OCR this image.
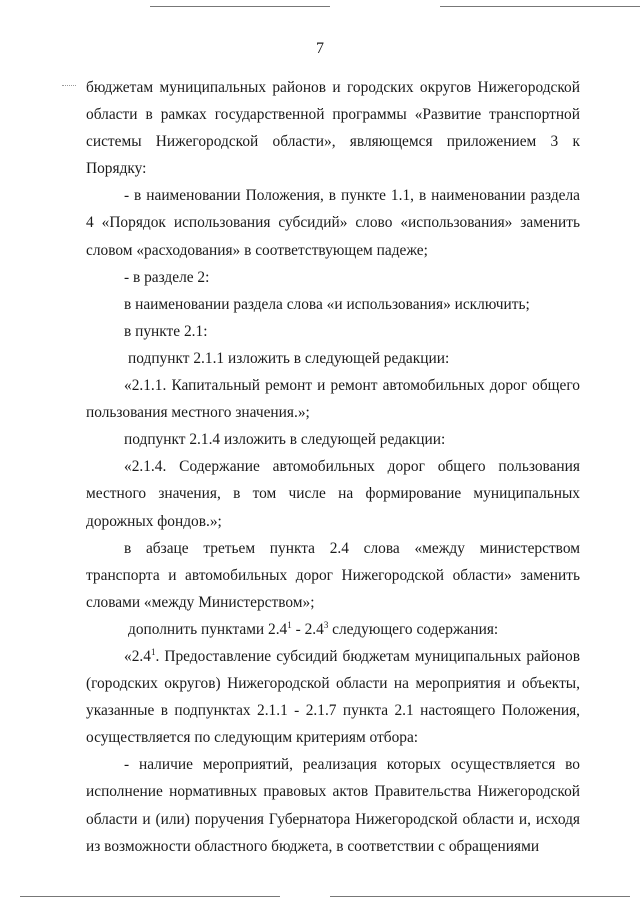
7

бюджетам муниципальных районов и городских округов Нижегородской области в рамках государственной программы «Развитие транспортной системы Нижегородской области», являющемся приложением 3 к Порядку:

- в наименовании Положения, в пункте 1.1, в наименовании раздела 4 «Порядок использования субсидий» слово «использования» заменить словом «расходования» в соответствующем падеже;

- в разделе 2:

в наименовании раздела слова «и использования» исключить;

в пункте 2.1:

подпункт 2.1.1 изложить в следующей редакции:

«2.1.1. Капитальный ремонт и ремонт автомобильных дорог общего пользования местного значения.»;

подпункт 2.1.4 изложить в следующей редакции:

«2.1.4. Содержание автомобильных дорог общего пользования местного значения, в том числе на формирование муниципальных дорожных фондов.»;

в абзаце третьем пункта 2.4 слова «между министерством транспорта и автомобильных дорог Нижегородской области» заменить словами «между Министерством»;

дополнить пунктами $2.4^1 - 2.4^3$ следующего содержания:

«$2.4^1$. Предоставление субсидий бюджетам муниципальных районов (городских округов) Нижегородской области на мероприятия и объекты, указанные в подпунктах 2.1.1 - 2.1.7 пункта 2.1 настоящего Положения, осуществляется по следующим критериям отбора:

- наличие мероприятий, реализация которых осуществляется во исполнение нормативных правовых актов Правительства Нижегородской области и (или) поручения Губернатора Нижегородской области и, исходя из возможности областного бюджета, в соответствии с обращениями
